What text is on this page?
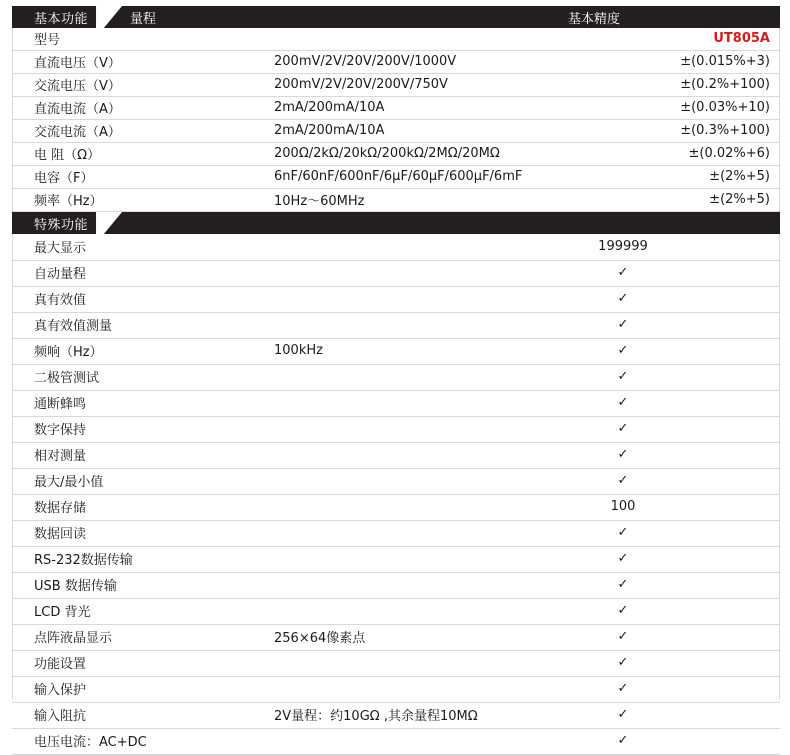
基本功能 量程 基本精度		

型号		UT805A
直流电压（V）	200mV/2V/20V/200V/1000V	±(0.015%+3)
交流电压（V）	200mV/2V/20V/200V/750V	±(0.2%+100)
直流电流（A）	2mA/200mA/10A	±(0.03%+10)
交流电流（A）	2mA/200mA/10A	±(0.3%+100)
电 阻（Ω）	200Ω/2kΩ/20kΩ/200kΩ/2MΩ/20MΩ	±(0.02%+6)
电容（F）	6nF/60nF/600nF/6μF/60μF/600μF/6mF	±(2%+5)
频率（Hz）	10Hz～60MHz	±(2%+5)
特殊功能		

最大显示		199999
自动量程		✓
真有效值		✓
真有效值测量		✓
频响（Hz）	100kHz	✓
二极管测试		✓
通断蜂鸣		✓
数字保持		✓
相对测量		✓
最大/最小值		✓
数据存储		100
数据回读		✓
RS-232数据传输		✓
USB 数据传输		✓
LCD 背光		✓
点阵液晶显示	256×64像素点	✓
功能设置		✓
输入保护		✓
输入阻抗	2V量程：约10GΩ ,其余量程10MΩ	✓
电压电流：AC+DC		✓
